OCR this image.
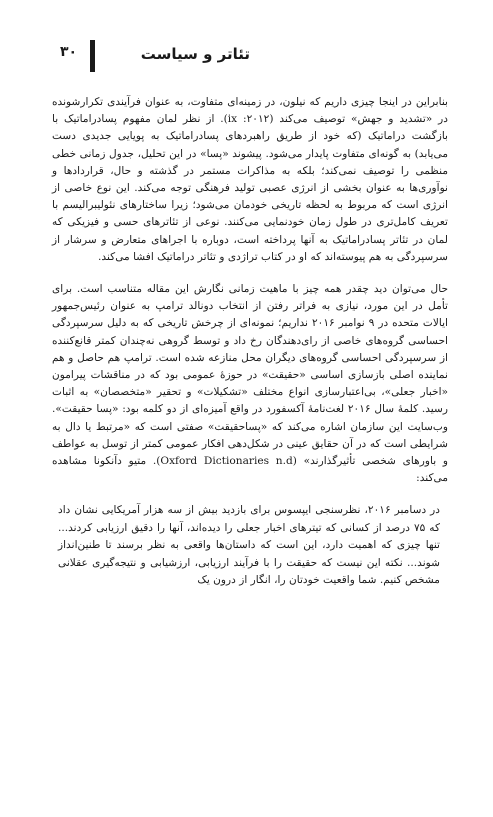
تئاتر و سیاست
۳۰

بنابراین در اینجا چیزی داریم که نیلون، در زمینه‌ای متفاوت، به عنوان فرآیندی تکرارشونده در «تشدید و جهش» توصیف می‌کند (ix :۲۰۱۲). از نظر لمان مفهوم پسادراماتیک با بازگشت دراماتیک (که خود از طریق راهبردهای پسادراماتیک به پویایی جدیدی دست می‌یابد) به گونه‌ای متفاوت پایدار می‌شود. پیشوند «پسا» در این تحلیل، جدول زمانی خطی منظمی را توصیف نمی‌کند؛ بلکه به مذاکرات مستمر در گذشته و حال، قراردادها و نوآوری‌ها به عنوان بخشی از انرژی عصبی تولید فرهنگی توجه می‌کند. این نوع خاصی از انرژی است که مربوط به لحظه تاریخی خودمان می‌شود؛ زیرا ساختارهای نئولیبرالیسم با تعریف کامل‌تری در طول زمان خودنمایی می‌کنند. نوعی از تئاترهای حسی و فیزیکی که لمان در تئاتر پسادراماتیک به آنها پرداخته است، دوباره با اجراهای متعارض و سرشار از سرسپردگی به هم پیوسته‌اند که او در کتاب تراژدی و تئاتر دراماتیک افشا می‌کند.

حال می‌توان دید چقدر همه چیز با ماهیت زمانی نگارش این مقاله متناسب است. برای تأمل در این مورد، نیازی به فراتر رفتن از انتخاب دونالد ترامپ به عنوان رئیس‌جمهور ایالات متحده در ۹ نوامبر ۲۰۱۶ نداریم؛ نمونه‌ای از چرخش تاریخی که به دلیل سرسپردگی احساسی گروه‌های خاصی از رای‌دهندگان رخ داد و توسط گروهی نه‌چندان کمتر قانع‌کننده از سرسپردگی احساسی گروه‌های دیگران محل منازعه شده است. ترامپ هم حاصل و هم نماینده اصلی بازسازی اساسی «حقیقت» در حوزهٔ عمومی بود که در مناقشات پیرامون «اخبار جعلی»، بی‌اعتبارسازی انواع مختلف «تشکیلات» و تحقیر «متخصصان» به اثبات رسید. کلمهٔ سال ۲۰۱۶ لغت‌نامهٔ آکسفورد در واقع آمیزه‌ای از دو کلمه بود: «پسا حقیقت». وب‌سایت این سازمان اشاره می‌کند که «پساحقیقت» صفتی است که «مرتبط یا دال به شرایطی است که در آن حقایق عینی در شکل‌دهی افکار عمومی کمتر از توسل به عواطف و باورهای شخصی تأثیرگذارند» (Oxford Dictionaries n.d). متیو دآنکونا مشاهده می‌کند:

در دسامبر ۲۰۱۶، نظرسنجی ایپسوس برای بازدید بیش از سه هزار آمریکایی نشان داد که ۷۵ درصد از کسانی که تیترهای اخبار جعلی را دیده‌اند، آنها را دقیق ارزیابی کردند... تنها چیزی که اهمیت دارد، این است که داستان‌ها واقعی به نظر برسند تا طنین‌انداز شوند... نکته این نیست که حقیقت را با فرآیند ارزیابی، ارزشیابی و نتیجه‌گیری عقلانی مشخص کنیم. شما واقعیت خودتان را، انگار از درون یک
